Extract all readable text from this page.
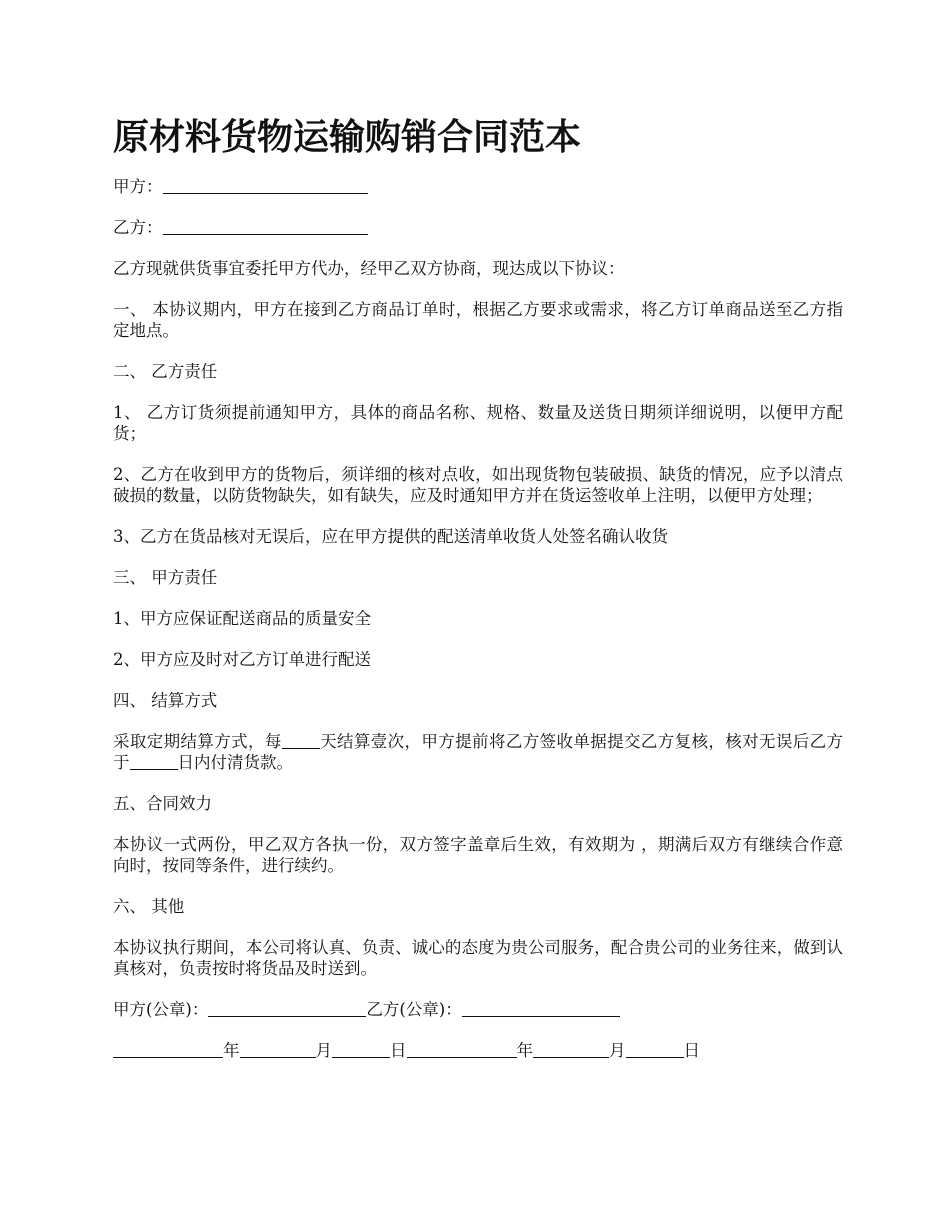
原材料货物运输购销合同范本

甲方：

乙方：

乙方现就供货事宜委托甲方代办，经甲乙双方协商，现达成以下协议：

一、 本协议期内，甲方在接到乙方商品订单时，根据乙方要求或需求，将乙方订单商品送至乙方指定地点。

二、 乙方责任

1、 乙方订货须提前通知甲方，具体的商品名称、规格、数量及送货日期须详细说明，以便甲方配货；

2、乙方在收到甲方的货物后，须详细的核对点收，如出现货物包装破损、缺货的情况，应予以清点破损的数量，以防货物缺失，如有缺失，应及时通知甲方并在货运签收单上注明，以便甲方处理；

3、乙方在货品核对无误后，应在甲方提供的配送清单收货人处签名确认收货

三、 甲方责任

1、甲方应保证配送商品的质量安全

2、甲方应及时对乙方订单进行配送

四、 结算方式

采取定期结算方式，每 天结算壹次，甲方提前将乙方签收单据提交乙方复核，核对无误后乙方于	日内付清货款。

五、合同效力

本协议一式两份，甲乙双方各执一份，双方签字盖章后生效，有效期为 ，期满后双方有继续合作意向时，按同等条件，进行续约。

六、 其他

本协议执行期间，本公司将认真、负责、诚心的态度为贵公司服务，配合贵公司的业务往来，做到认真核对，负责按时将货品及时送到。

甲方(公章)：	乙方(公章)：

年	月	日	年	月	日
